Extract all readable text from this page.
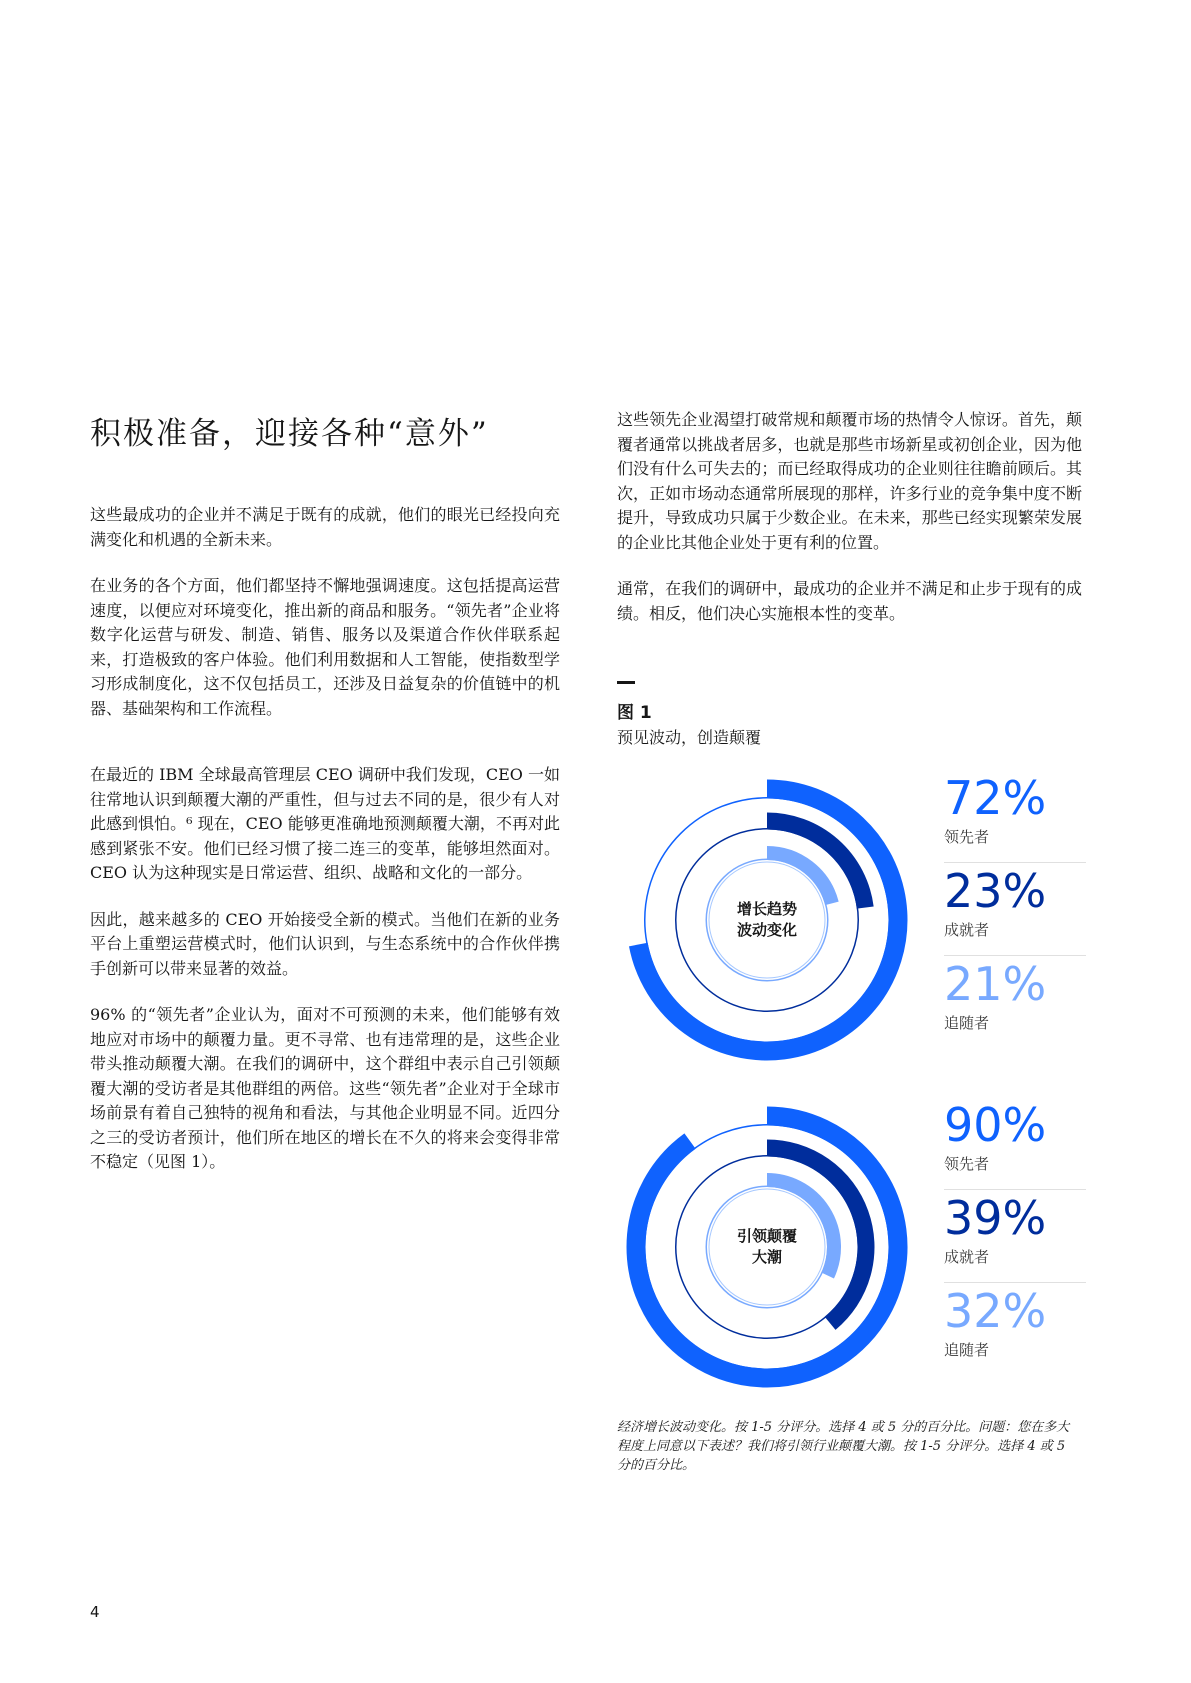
积极准备，迎接各种“意外”

这些最成功的企业并不满足于既有的成就，他们的眼光已经投向充满变化和机遇的全新未来。

在业务的各个方面，他们都坚持不懈地强调速度。这包括提高运营速度，以便应对环境变化，推出新的商品和服务。“领先者”企业将数字化运营与研发、制造、销售、服务以及渠道合作伙伴联系起来，打造极致的客户体验。他们利用数据和人工智能，使指数型学习形成制度化，这不仅包括员工，还涉及日益复杂的价值链中的机器、基础架构和工作流程。

在最近的 IBM 全球最高管理层 CEO 调研中我们发现，CEO 一如往常地认识到颠覆大潮的严重性，但与过去不同的是，很少有人对此感到惧怕。⁶ 现在，CEO 能够更准确地预测颠覆大潮，不再对此感到紧张不安。他们已经习惯了接二连三的变革，能够坦然面对。CEO 认为这种现实是日常运营、组织、战略和文化的一部分。

因此，越来越多的 CEO 开始接受全新的模式。当他们在新的业务平台上重塑运营模式时，他们认识到，与生态系统中的合作伙伴携手创新可以带来显著的效益。

96% 的“领先者”企业认为，面对不可预测的未来，他们能够有效地应对市场中的颠覆力量。更不寻常、也有违常理的是，这些企业带头推动颠覆大潮。在我们的调研中，这个群组中表示自己引领颠覆大潮的受访者是其他群组的两倍。这些“领先者”企业对于全球市场前景有着自己独特的视角和看法，与其他企业明显不同。近四分之三的受访者预计，他们所在地区的增长在不久的将来会变得非常不稳定（见图 1）。

这些领先企业渴望打破常规和颠覆市场的热情令人惊讶。首先，颠覆者通常以挑战者居多，也就是那些市场新星或初创企业，因为他们没有什么可失去的；而已经取得成功的企业则往往瞻前顾后。其次，正如市场动态通常所展现的那样，许多行业的竞争集中度不断提升，导致成功只属于少数企业。在未来，那些已经实现繁荣发展的企业比其他企业处于更有利的位置。

通常，在我们的调研中，最成功的企业并不满足和止步于现有的成绩。相反，他们决心实施根本性的变革。

图 1
预见波动，创造颠覆
增长趋势
波动变化
72%
领先者
23%
成就者
21%
追随者
引领颠覆
大潮
90%
领先者
39%
成就者
32%
追随者
经济增长波动变化。按 1-5 分评分。选择 4 或 5 分的百分比。问题：您在多大程度上同意以下表述？我们将引领行业颠覆大潮。按 1-5 分评分。选择 4 或 5 分的百分比。
4
